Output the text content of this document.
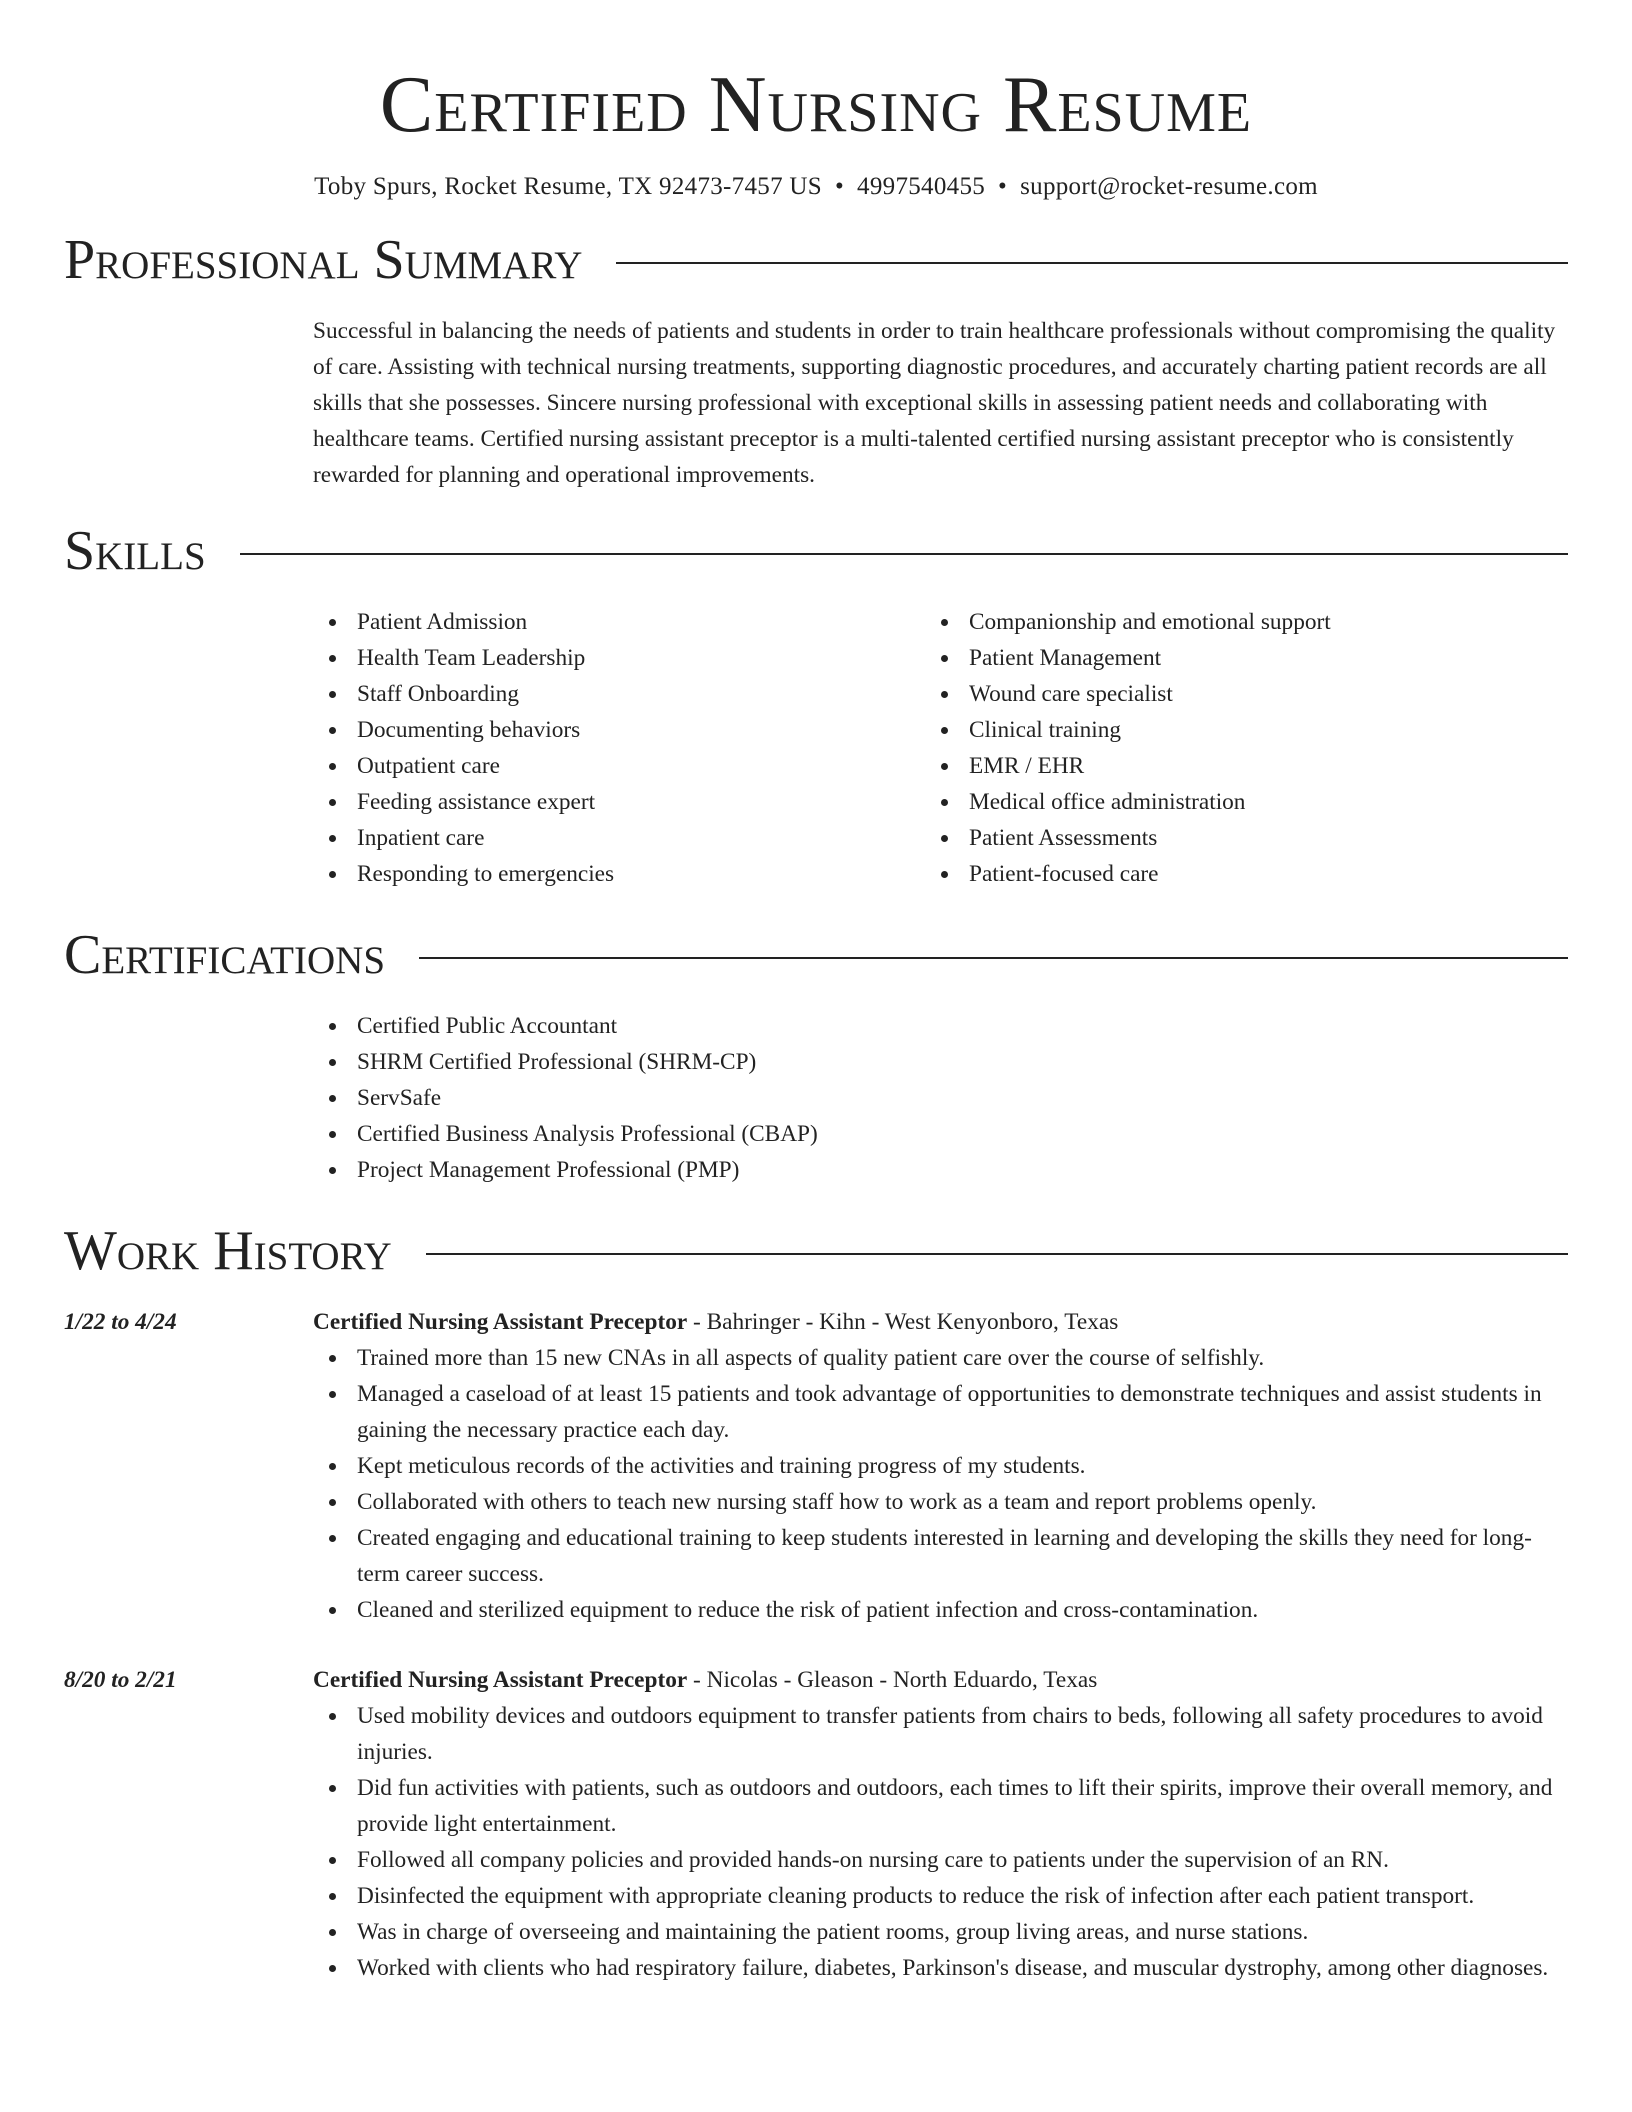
Certified Nursing Resume
Toby Spurs, Rocket Resume, TX 92473-7457 US • 4997540455 • support@rocket-resume.com
Professional Summary

Successful in balancing the needs of patients and students in order to train healthcare professionals without compromising the quality of care. Assisting with technical nursing treatments, supporting diagnostic procedures, and accurately charting patient records are all skills that she possesses. Sincere nursing professional with exceptional skills in assessing patient needs and collaborating with healthcare teams. Certified nursing assistant preceptor is a multi-talented certified nursing assistant preceptor who is consistently rewarded for planning and operational improvements.

Skills
Patient Admission
Health Team Leadership
Staff Onboarding
Documenting behaviors
Outpatient care
Feeding assistance expert
Inpatient care
Responding to emergencies
Companionship and emotional support
Patient Management
Wound care specialist
Clinical training
EMR / EHR
Medical office administration
Patient Assessments
Patient-focused care
Certifications
Certified Public Accountant
SHRM Certified Professional (SHRM-CP)
ServSafe
Certified Business Analysis Professional (CBAP)
Project Management Professional (PMP)
Work History
1/22 to 4/24	Certified Nursing Assistant Preceptor - Bahringer - Kihn - West Kenyonboro, Texas
Trained more than 15 new CNAs in all aspects of quality patient care over the course of selfishly.
Managed a caseload of at least 15 patients and took advantage of opportunities to demonstrate techniques and assist students in gaining the necessary practice each day.
Kept meticulous records of the activities and training progress of my students.
Collaborated with others to teach new nursing staff how to work as a team and report problems openly.
Created engaging and educational training to keep students interested in learning and developing the skills they need for long-term career success.
Cleaned and sterilized equipment to reduce the risk of patient infection and cross-contamination.
8/20 to 2/21	Certified Nursing Assistant Preceptor - Nicolas - Gleason - North Eduardo, Texas
Used mobility devices and outdoors equipment to transfer patients from chairs to beds, following all safety procedures to avoid injuries.
Did fun activities with patients, such as outdoors and outdoors, each times to lift their spirits, improve their overall memory, and provide light entertainment.
Followed all company policies and provided hands-on nursing care to patients under the supervision of an RN.
Disinfected the equipment with appropriate cleaning products to reduce the risk of infection after each patient transport.
Was in charge of overseeing and maintaining the patient rooms, group living areas, and nurse stations.
Worked with clients who had respiratory failure, diabetes, Parkinson's disease, and muscular dystrophy, among other diagnoses.
